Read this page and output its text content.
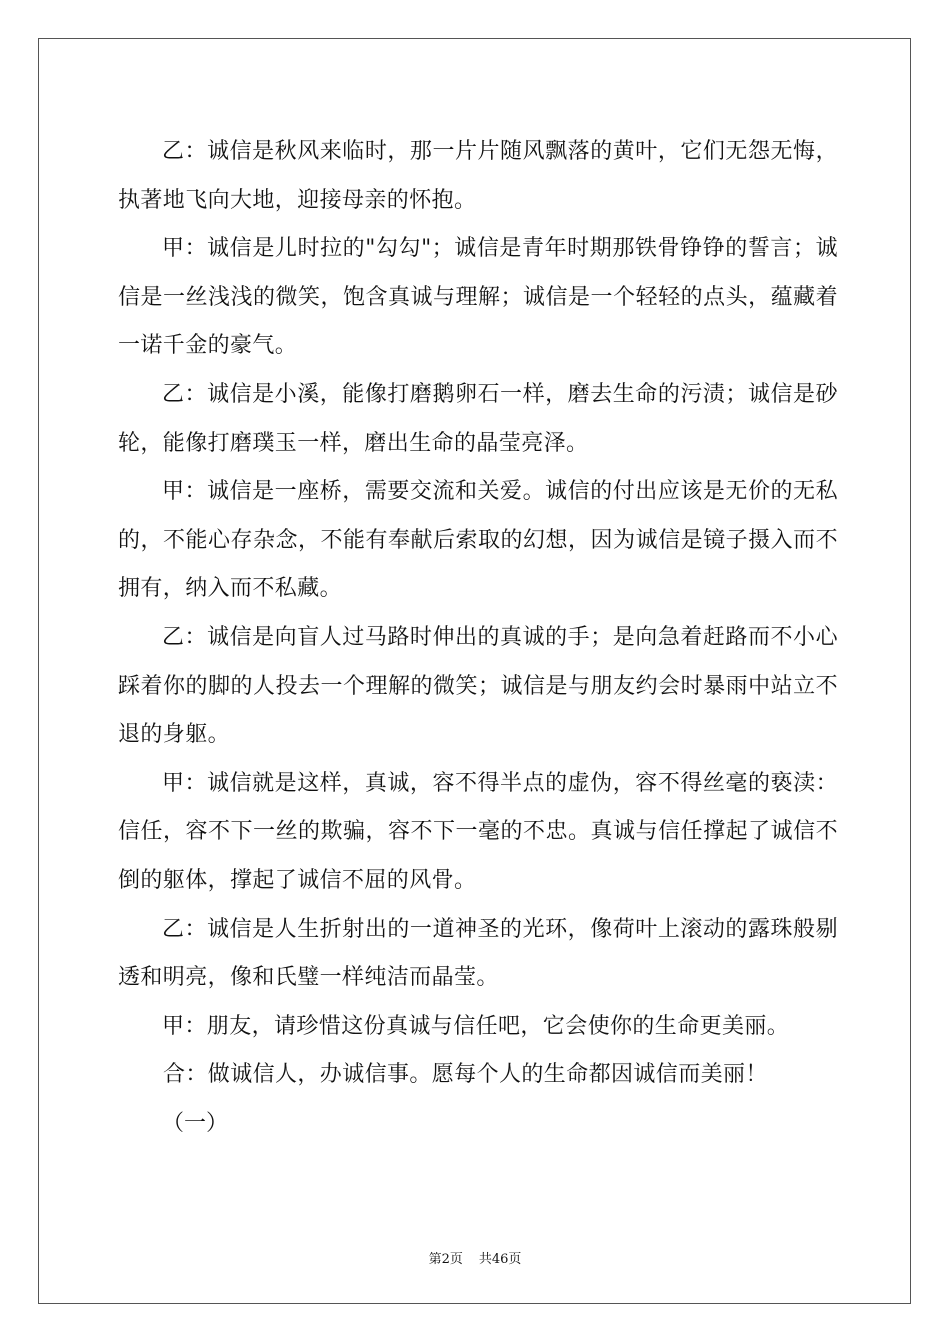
乙：诚信是秋风来临时，那一片片随风飘落的黄叶，它们无怨无悔，执著地飞向大地，迎接母亲的怀抱。

甲：诚信是儿时拉的"勾勾"；诚信是青年时期那铁骨铮铮的誓言；诚信是一丝浅浅的微笑，饱含真诚与理解；诚信是一个轻轻的点头，蕴藏着一诺千金的豪气。

乙：诚信是小溪，能像打磨鹅卵石一样，磨去生命的污渍；诚信是砂轮，能像打磨璞玉一样，磨出生命的晶莹亮泽。

甲：诚信是一座桥，需要交流和关爱。诚信的付出应该是无价的无私的，不能心存杂念，不能有奉献后索取的幻想，因为诚信是镜子摄入而不拥有，纳入而不私藏。

乙：诚信是向盲人过马路时伸出的真诚的手；是向急着赶路而不小心踩着你的脚的人投去一个理解的微笑；诚信是与朋友约会时暴雨中站立不退的身躯。

甲：诚信就是这样，真诚，容不得半点的虚伪，容不得丝毫的亵渎：信任，容不下一丝的欺骗，容不下一毫的不忠。真诚与信任撑起了诚信不倒的躯体，撑起了诚信不屈的风骨。

乙：诚信是人生折射出的一道神圣的光环，像荷叶上滚动的露珠般剔透和明亮，像和氏璧一样纯洁而晶莹。

甲：朋友，请珍惜这份真诚与信任吧，它会使你的生命更美丽。

合：做诚信人，办诚信事。愿每个人的生命都因诚信而美丽！

（一）

第2页 共46页
